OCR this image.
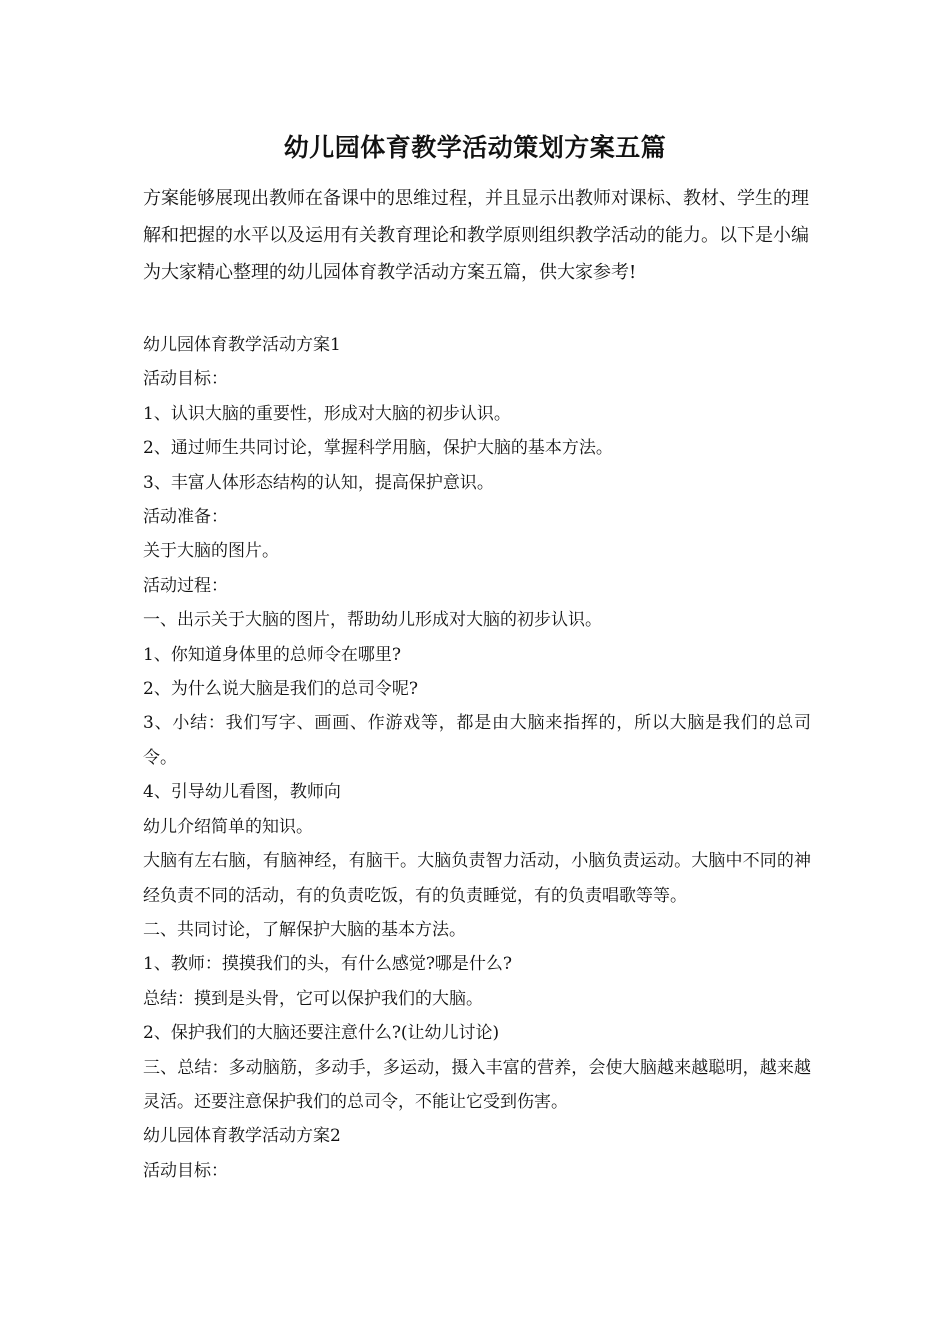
幼儿园体育教学活动策划方案五篇

方案能够展现出教师在备课中的思维过程，并且显示出教师对课标、教材、学生的理解和把握的水平以及运用有关教育理论和教学原则组织教学活动的能力。以下是小编为大家精心整理的幼儿园体育教学活动方案五篇，供大家参考!

幼儿园体育教学活动方案1

活动目标：

1、认识大脑的重要性，形成对大脑的初步认识。

2、通过师生共同讨论，掌握科学用脑，保护大脑的基本方法。

3、丰富人体形态结构的认知，提高保护意识。

活动准备：

关于大脑的图片。

活动过程：

一、出示关于大脑的图片，帮助幼儿形成对大脑的初步认识。

1、你知道身体里的总师令在哪里?

2、为什么说大脑是我们的总司令呢?

3、小结：我们写字、画画、作游戏等，都是由大脑来指挥的，所以大脑是我们的总司令。

4、引导幼儿看图，教师向

幼儿介绍简单的知识。

大脑有左右脑，有脑神经，有脑干。大脑负责智力活动，小脑负责运动。大脑中不同的神经负责不同的活动，有的负责吃饭，有的负责睡觉，有的负责唱歌等等。

二、共同讨论，了解保护大脑的基本方法。

1、教师：摸摸我们的头，有什么感觉?哪是什么?

总结：摸到是头骨，它可以保护我们的大脑。

2、保护我们的大脑还要注意什么?(让幼儿讨论)

三、总结：多动脑筋，多动手，多运动，摄入丰富的营养，会使大脑越来越聪明，越来越灵活。还要注意保护我们的总司令，不能让它受到伤害。

幼儿园体育教学活动方案2

活动目标：
